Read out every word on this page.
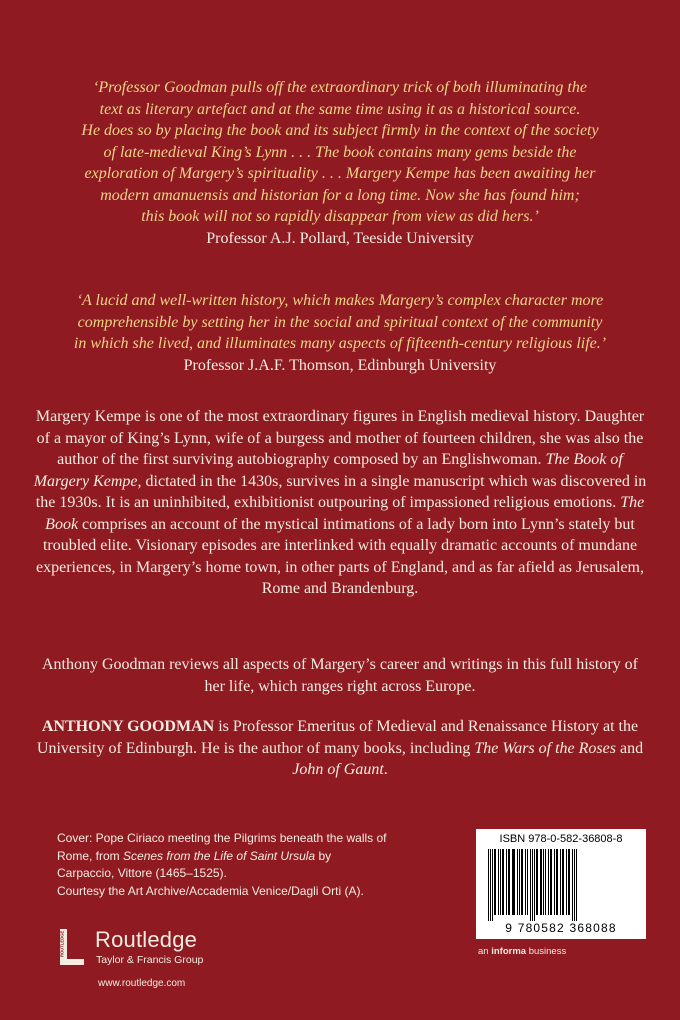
‘Professor Goodman pulls off the extraordinary trick of both illuminating the
text as literary artefact and at the same time using it as a historical source.
He does so by placing the book and its subject firmly in the context of the society
of late-medieval King’s Lynn . . . The book contains many gems beside the
exploration of Margery’s spirituality . . . Margery Kempe has been awaiting her
modern amanuensis and historian for a long time. Now she has found him;
this book will not so rapidly disappear from view as did hers.’
Professor A.J. Pollard, Teeside University
‘A lucid and well-written history, which makes Margery’s complex character more
comprehensible by setting her in the social and spiritual context of the community
in which she lived, and illuminates many aspects of fifteenth-century religious life.’
Professor J.A.F. Thomson, Edinburgh University
Margery Kempe is one of the most extraordinary figures in English medieval history. Daughter of a mayor of King’s Lynn, wife of a burgess and mother of fourteen children, she was also the author of the first surviving autobiography composed by an Englishwoman. The Book of Margery Kempe, dictated in the 1430s, survives in a single manuscript which was discovered in the 1930s. It is an uninhibited, exhibitionist outpouring of impassioned religious emotions. The Book comprises an account of the mystical intimations of a lady born into Lynn’s stately but troubled elite. Visionary episodes are interlinked with equally dramatic accounts of mundane experiences, in Margery’s home town, in other parts of England, and as far afield as Jerusalem, Rome and Brandenburg.
Anthony Goodman reviews all aspects of Margery’s career and writings in this full history of her life, which ranges right across Europe.
ANTHONY GOODMAN is Professor Emeritus of Medieval and Renaissance History at the University of Edinburgh. He is the author of many books, including The Wars of the Roses and John of Gaunt.
Cover: Pope Ciriaco meeting the Pilgrims beneath the walls of Rome, from Scenes from the Life of Saint Ursula by Carpaccio, Vittore (1465–1525).
Courtesy the Art Archive/Accademia Venice/Dagli Orti (A).
ROUTLEDGE Routledge
Taylor & Francis Group
www.routledge.com
ISBN 978-0-582-36808-8
9 780582 368088
an informa business
